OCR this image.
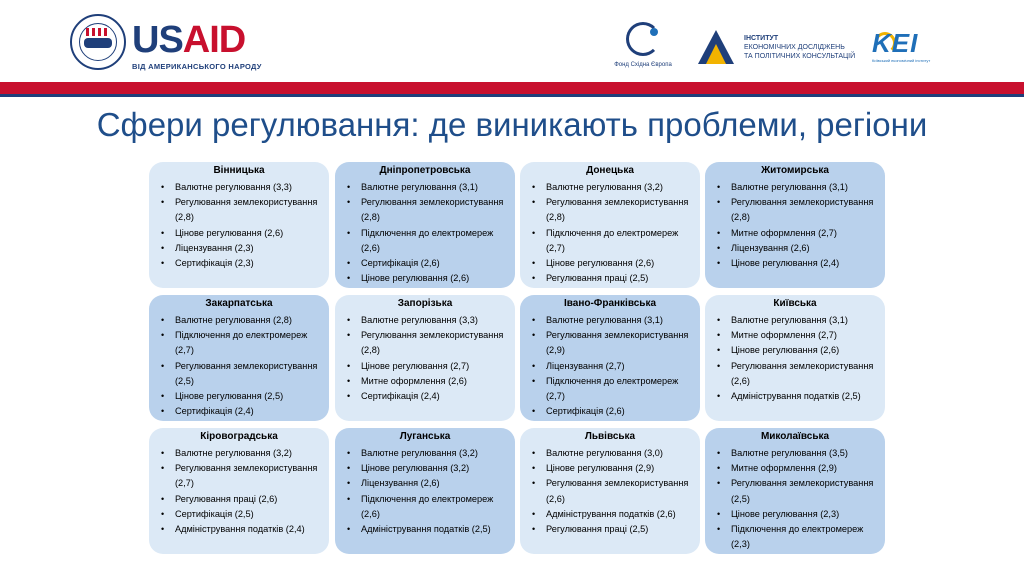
USAID
ВІД АМЕРИКАНСЬКОГО НАРОДУ	Фонд Східна Європа
ІНСТИТУТ
ЕКОНОМІЧНИХ ДОСЛІДЖЕНЬ
ТА ПОЛІТИЧНИХ КОНСУЛЬТАЦІЙ KEI
Київський економічний інститут
Сфери регулювання: де виникають проблеми, регіони
Вінницька
• Валютне регулювання (3,3)
• Регулювання землекористування (2,8)
• Цінове регулювання (2,6)
• Ліцензування (2,3)
• Сертифікація (2,3)
Дніпропетровська
• Валютне регулювання (3,1)
• Регулювання землекористування (2,8)
• Підключення до електромереж (2,6)
• Сертифікація (2,6)
• Цінове регулювання (2,6)
Донецька
• Валютне регулювання (3,2)
• Регулювання землекористування (2,8)
• Підключення до електромереж (2,7)
• Цінове регулювання (2,6)
• Регулювання праці (2,5)
Житомирська
• Валютне регулювання (3,1)
• Регулювання землекористування (2,8)
• Митне оформлення (2,7)
• Ліцензування (2,6)
• Цінове регулювання (2,4)
Закарпатська
• Валютне регулювання (2,8)
• Підключення до електромереж (2,7)
• Регулювання землекористування (2,5)
• Цінове регулювання (2,5)
• Сертифікація (2,4)
Запорізька
• Валютне регулювання (3,3)
• Регулювання землекористування (2,8)
• Цінове регулювання (2,7)
• Митне оформлення (2,6)
• Сертифікація (2,4)
Івано-Франківська
• Валютне регулювання (3,1)
• Регулювання землекористування (2,9)
• Ліцензування (2,7)
• Підключення до електромереж (2,7)
• Сертифікація (2,6)
Київська
• Валютне регулювання (3,1)
• Митне оформлення (2,7)
• Цінове регулювання (2,6)
• Регулювання землекористування (2,6)
• Адміністрування податків (2,5)
Кіровоградська
• Валютне регулювання (3,2)
• Регулювання землекористування (2,7)
• Регулювання праці (2,6)
• Сертифікація (2,5)
• Адміністрування податків (2,4)
Луганська
• Валютне регулювання (3,2)
• Цінове регулювання (3,2)
• Ліцензування (2,6)
• Підключення до електромереж (2,6)
• Адміністрування податків (2,5)
Львівська
• Валютне регулювання (3,0)
• Цінове регулювання (2,9)
• Регулювання землекористування (2,6)
• Адміністрування податків (2,6)
• Регулювання праці (2,5)
Миколаївська
• Валютне регулювання (3,5)
• Митне оформлення (2,9)
• Регулювання землекористування (2,5)
• Цінове регулювання (2,3)
• Підключення до електромереж (2,3)
